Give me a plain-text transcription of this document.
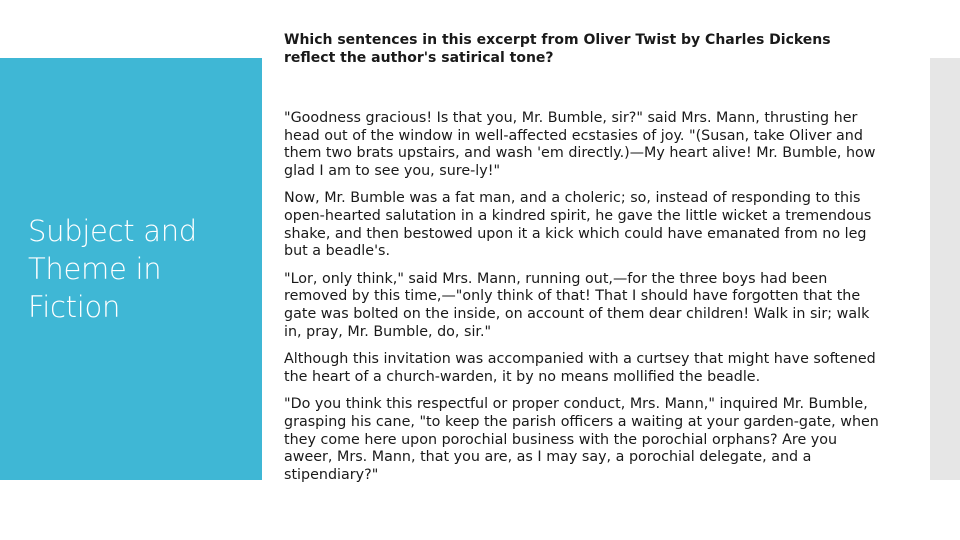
Subject and Theme in Fiction
Which sentences in this excerpt from Oliver Twist by Charles Dickens reflect the author's satirical tone?

"Goodness gracious! Is that you, Mr. Bumble, sir?" said Mrs. Mann, thrusting her head out of the window in well-affected ecstasies of joy. "(Susan, take Oliver and them two brats upstairs, and wash 'em directly.)—My heart alive! Mr. Bumble, how glad I am to see you, sure-ly!"

Now, Mr. Bumble was a fat man, and a choleric; so, instead of responding to this open-hearted salutation in a kindred spirit, he gave the little wicket a tremendous shake, and then bestowed upon it a kick which could have emanated from no leg but a beadle's.

"Lor, only think," said Mrs. Mann, running out,—for the three boys had been removed by this time,—"only think of that! That I should have forgotten that the gate was bolted on the inside, on account of them dear children! Walk in sir; walk in, pray, Mr. Bumble, do, sir."

Although this invitation was accompanied with a curtsey that might have softened the heart of a church-warden, it by no means mollified the beadle.

"Do you think this respectful or proper conduct, Mrs. Mann," inquired Mr. Bumble, grasping his cane, "to keep the parish officers a waiting at your garden-gate, when they come here upon porochial business with the porochial orphans? Are you aweer, Mrs. Mann, that you are, as I may say, a porochial delegate, and a stipendiary?"
